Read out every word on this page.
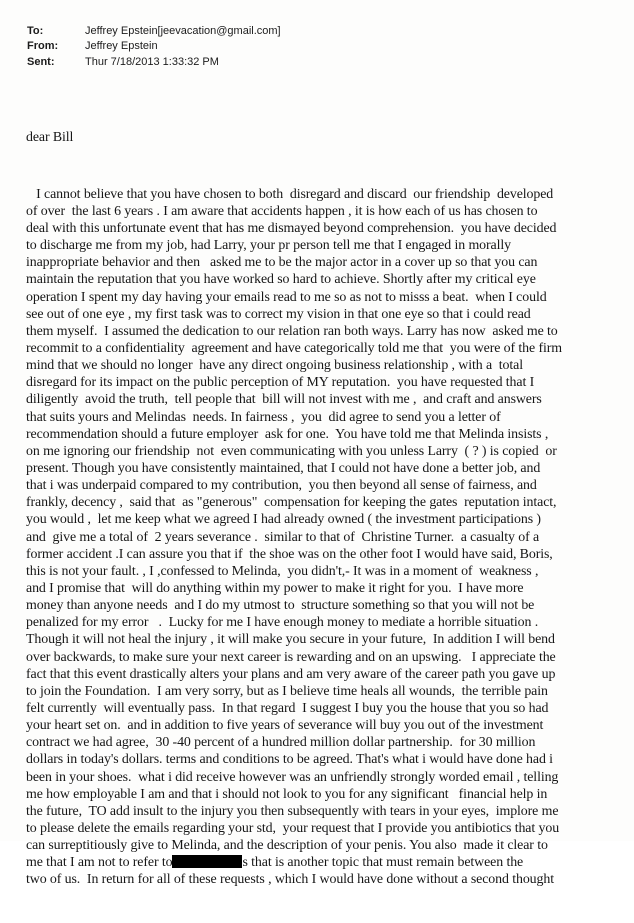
To:	Jeffrey Epstein[jeevacation@gmail.com]
From:	Jeffrey Epstein
Sent:	Thur 7/18/2013 1:33:32 PM

dear Bill

I cannot believe that you have chosen to both  disregard and discard  our friendship  developed
of over  the last 6 years . I am aware that accidents happen , it is how each of us has chosen to
deal with this unfortunate event that has me dismayed beyond comprehension.  you have decided
to discharge me from my job, had Larry, your pr person tell me that I engaged in morally
inappropriate behavior and then   asked me to be the major actor in a cover up so that you can
maintain the reputation that you have worked so hard to achieve. Shortly after my critical eye
operation I spent my day having your emails read to me so as not to misss a beat.  when I could
see out of one eye , my first task was to correct my vision in that one eye so that i could read
them myself.  I assumed the dedication to our relation ran both ways. Larry has now  asked me to
recommit to a confidentiality  agreement and have categorically told me that  you were of the firm
mind that we should no longer  have any direct ongoing business relationship , with a  total
disregard for its impact on the public perception of MY reputation.  you have requested that I
diligently  avoid the truth,  tell people that  bill will not invest with me ,  and craft and answers
that suits yours and Melindas  needs. In fairness ,  you  did agree to send you a letter of
recommendation should a future employer  ask for one.  You have told me that Melinda insists ,
on me ignoring our friendship  not  even communicating with you unless Larry  ( ? ) is copied  or
present. Though you have consistently maintained, that I could not have done a better job, and
that i was underpaid compared to my contribution,  you then beyond all sense of fairness, and
frankly, decency ,  said that  as "generous"  compensation for keeping the gates  reputation intact,
you would ,  let me keep what we agreed I had already owned ( the investment participations )
and  give me a total of  2 years severance .  similar to that of  Christine Turner.  a casualty of a
former accident .I can assure you that if  the shoe was on the other foot I would have said, Boris,
this is not your fault. , I ,confessed to Melinda,  you didn't,- It was in a moment of  weakness ,
and I promise that  will do anything within my power to make it right for you.  I have more
money than anyone needs  and I do my utmost to  structure something so that you will not be
penalized for my error   .  Lucky for me I have enough money to mediate a horrible situation .
Though it will not heal the injury , it will make you secure in your future,  In addition I will bend
over backwards, to make sure your next career is rewarding and on an upswing.   I appreciate the
fact that this event drastically alters your plans and am very aware of the career path you gave up
to join the Foundation.  I am very sorry, but as I believe time heals all wounds,  the terrible pain
felt currently  will eventually pass.  In that regard  I suggest I buy you the house that you so had
your heart set on.  and in addition to five years of severance will buy you out of the investment
contract we had agree,  30 -40 percent of a hundred million dollar partnership.  for 30 million
dollars in today's dollars. terms and conditions to be agreed. That's what i would have done had i
been in your shoes.  what i did receive however was an unfriendly strongly worded email , telling
me how employable I am and that i should not look to you for any significant   financial help in
the future,  TO add insult to the injury you then subsequently with tears in your eyes,  implore me
to please delete the emails regarding your std,  your request that I provide you antibiotics that you
can surreptitiously give to Melinda, and the description of your penis. You also  made it clear to
me that I am not to refer to	s that is another topic that must remain between the
two of us.  In return for all of these requests , which I would have done without a second thought
